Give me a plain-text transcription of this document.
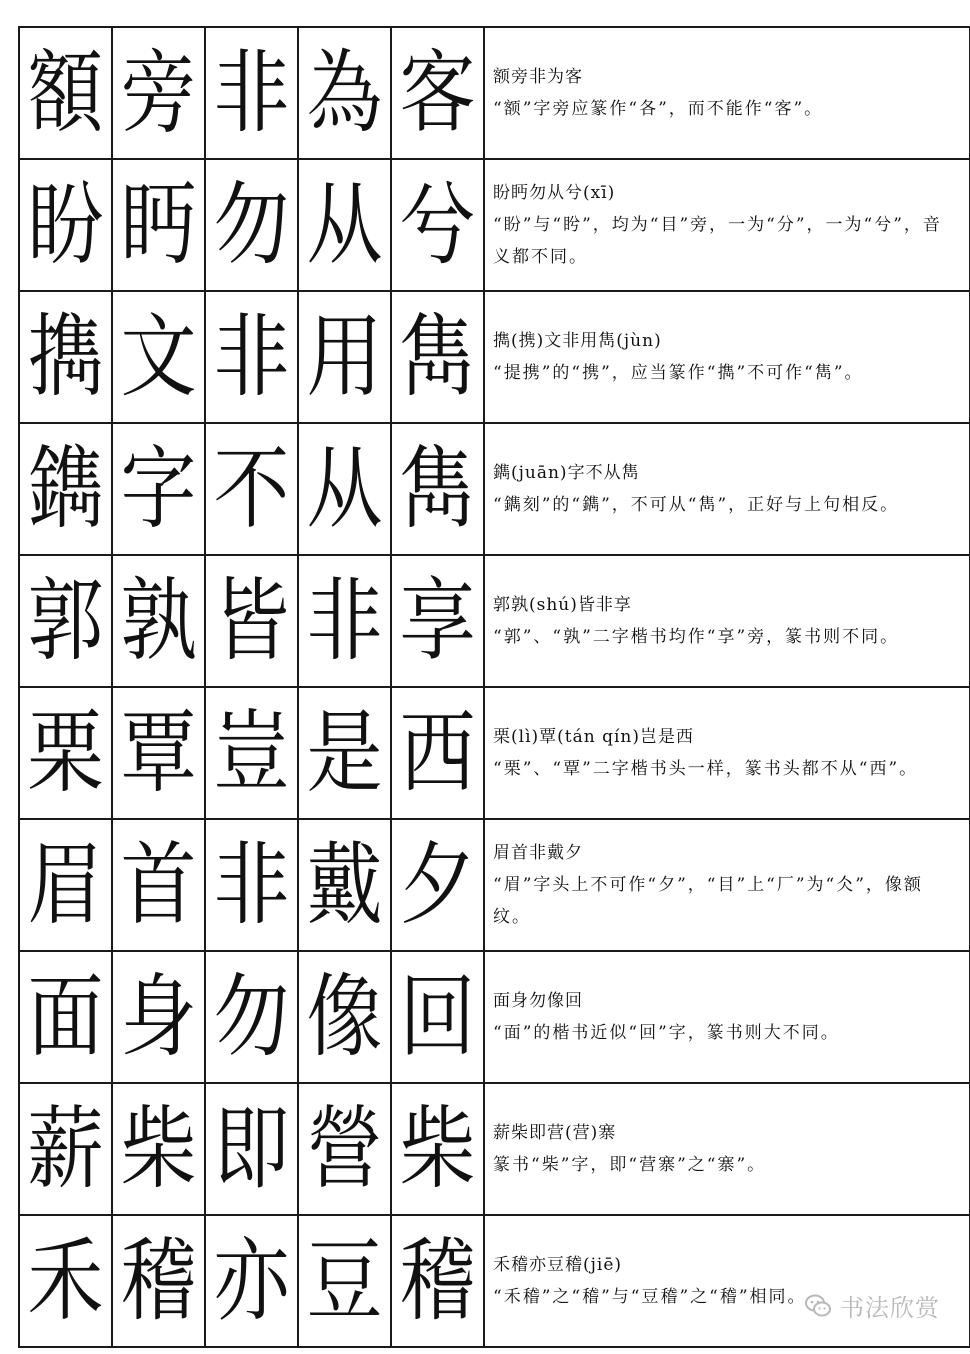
額	旁	非	為	客	额旁非为客
“额”字旁应篆作“各”，而不能作“客”。

盼	眄	勿	从	兮	盼眄勿从兮(xī)
“盼”与“盻”，均为“目”旁，一为“分”，一为“兮”，音义都不同。

擕	文	非	用	雋	擕(携)文非用雋(jùn)
“提携”的“携”，应当篆作“擕”不可作“雋”。

鐫	字	不	从	雋	鐫(juān)字不从雋
“鐫刻”的“鐫”，不可从“雋”，正好与上句相反。

郭	孰	皆	非	享	郭孰(shú)皆非享
“郭”、“孰”二字楷书均作“享”旁，篆书则不同。

栗	覃	豈	是	西	栗(lì)覃(tán qín)岂是西
“栗”、“覃”二字楷书头一样，篆书头都不从“西”。

眉	首	非	戴	夕	眉首非戴夕
“眉”字头上不可作“夕”，“目”上“厂”为“仌”，像额纹。

面	身	勿	像	回	面身勿像回
“面”的楷书近似“回”字，篆书则大不同。

薪	柴	即	營	柴	薪柴即营(营)寨
篆书“柴”字，即“营寨”之“寨”。

禾	稽	亦	豆	稽	禾稽亦豆稽(jiē)
“禾稽”之“稽”与“豆稽”之“稽”相同。	书法欣赏
